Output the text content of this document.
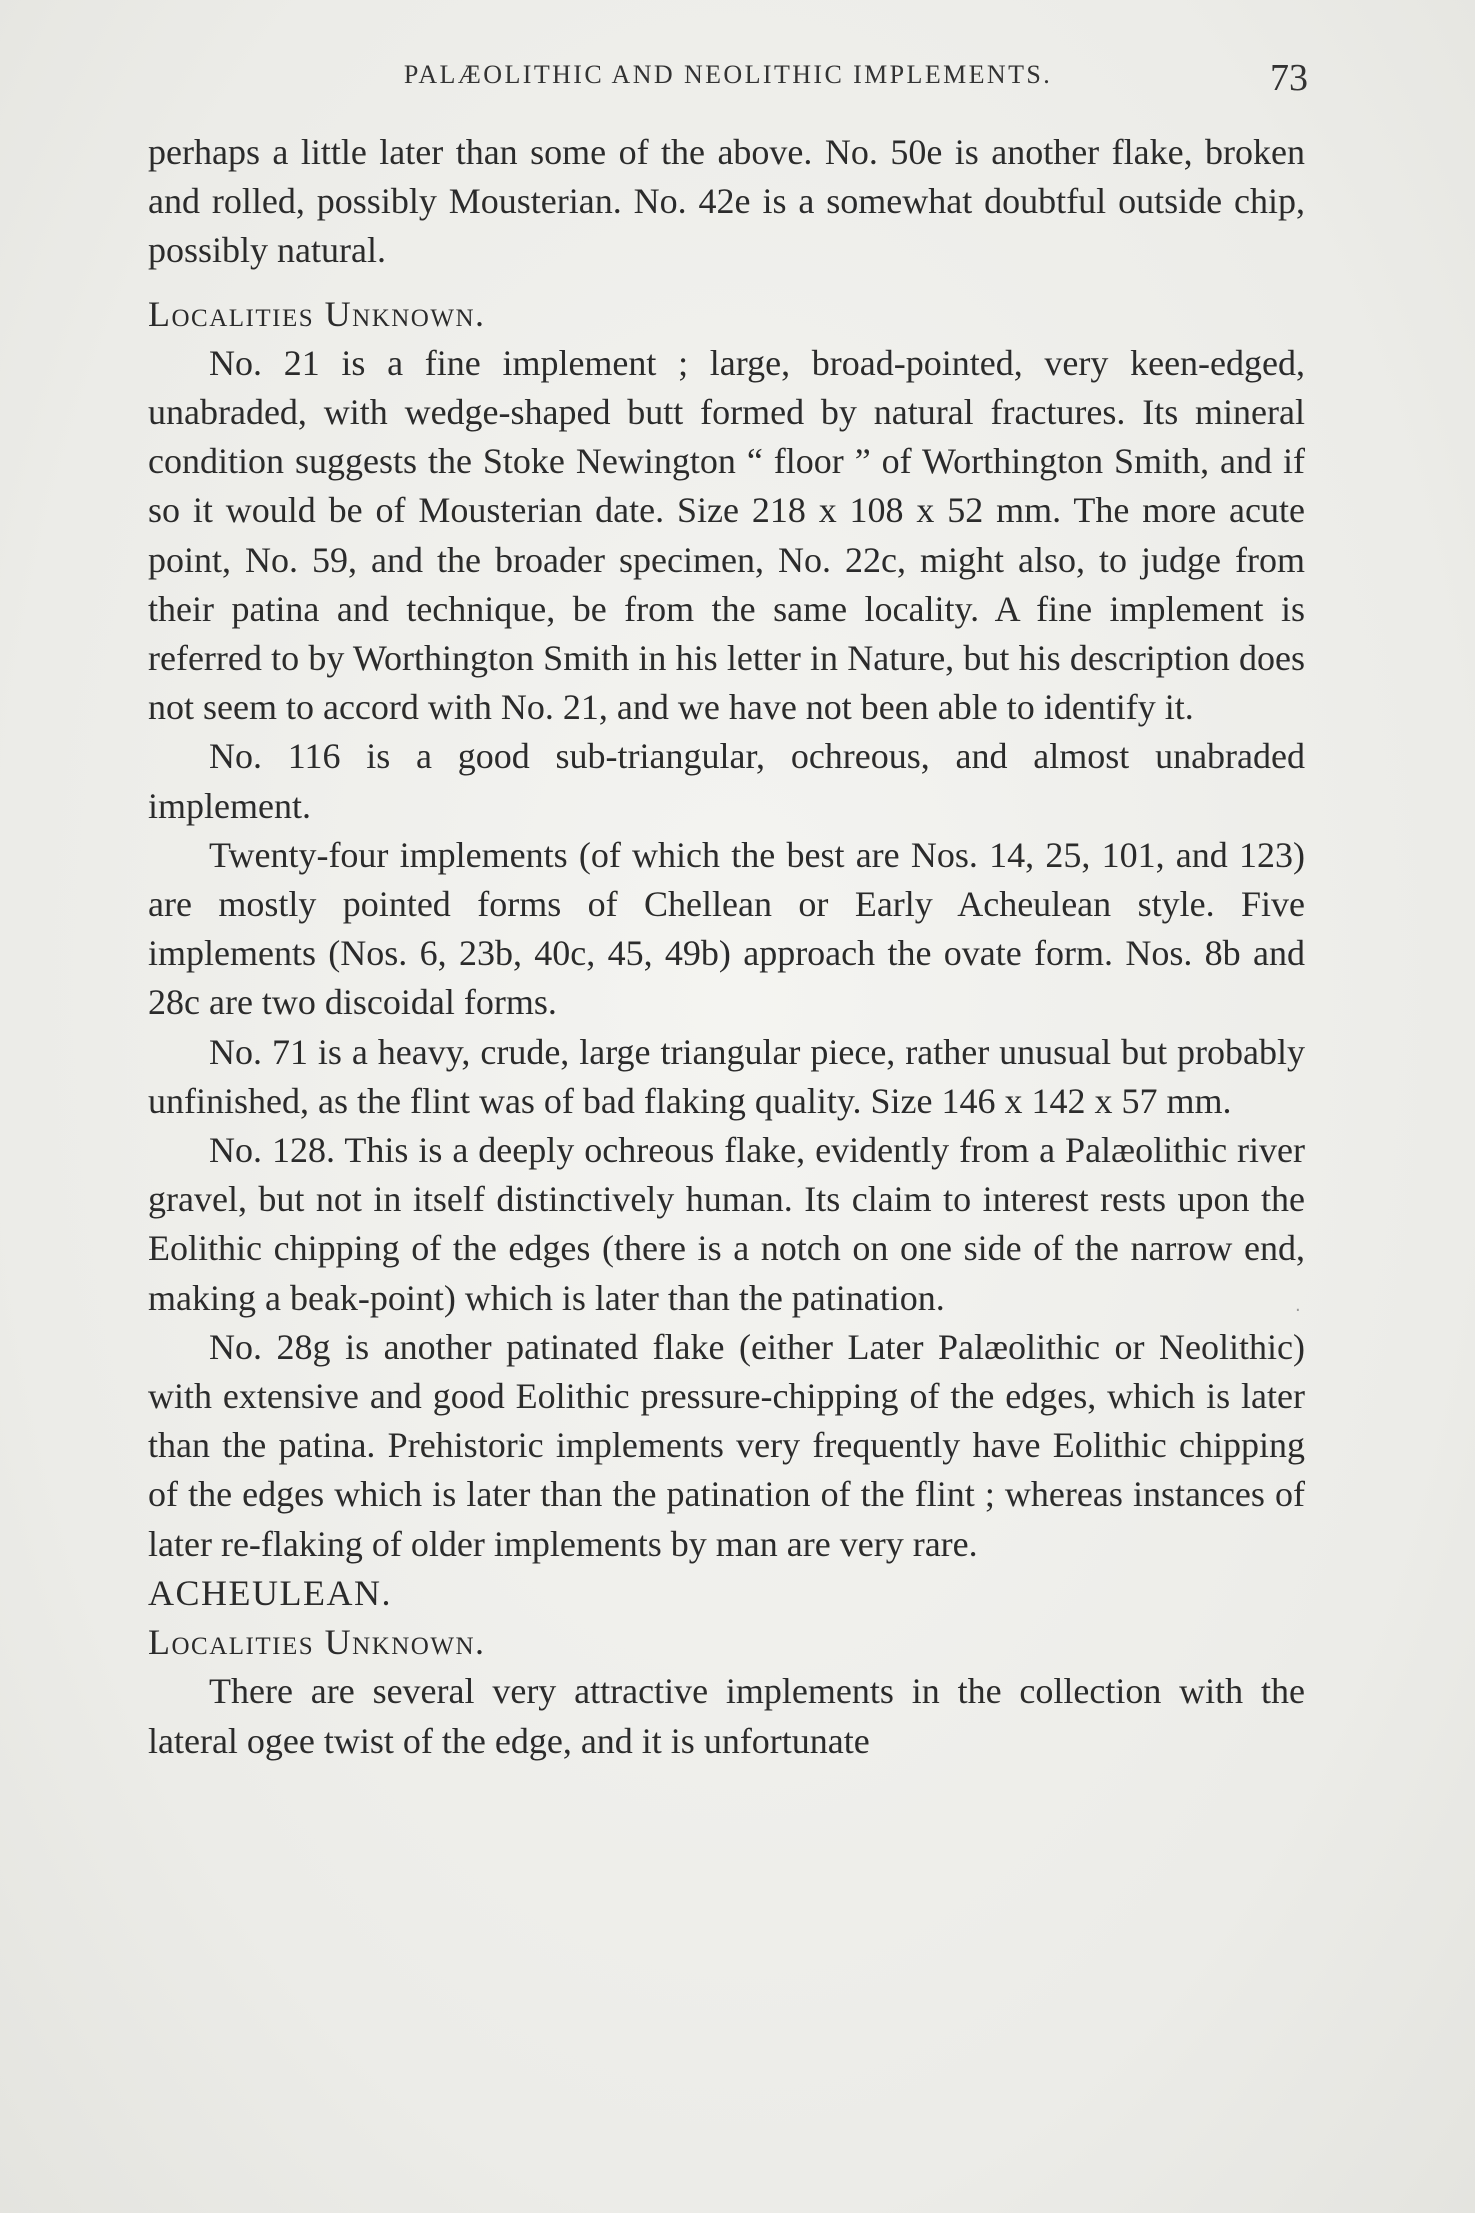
PALÆOLITHIC AND NEOLITHIC IMPLEMENTS.	73

perhaps a little later than some of the above. No. 50e is another flake, broken and rolled, possibly Mousterian. No. 42e is a somewhat doubtful outside chip, possibly natural.

Localities Unknown.

No. 21 is a fine implement ; large, broad-pointed, very keen-edged, unabraded, with wedge-shaped butt formed by natural fractures. Its mineral condition suggests the Stoke Newington “ floor ” of Worthington Smith, and if so it would be of Mousterian date. Size 218 x 108 x 52 mm. The more acute point, No. 59, and the broader specimen, No. 22c, might also, to judge from their patina and technique, be from the same locality. A fine implement is referred to by Worthington Smith in his letter in Nature, but his description does not seem to accord with No. 21, and we have not been able to identify it.

No. 116 is a good sub-triangular, ochreous, and almost unabraded implement.

Twenty-four implements (of which the best are Nos. 14, 25, 101, and 123) are mostly pointed forms of Chellean or Early Acheulean style. Five implements (Nos. 6, 23b, 40c, 45, 49b) approach the ovate form. Nos. 8b and 28c are two discoidal forms.

No. 71 is a heavy, crude, large triangular piece, rather unusual but probably unfinished, as the flint was of bad flaking quality. Size 146 x 142 x 57 mm.

No. 128. This is a deeply ochreous flake, evidently from a Palæolithic river gravel, but not in itself distinctively human. Its claim to interest rests upon the Eolithic chipping of the edges (there is a notch on one side of the narrow end, making a beak-point) which is later than the patination.

No. 28g is another patinated flake (either Later Palæolithic or Neolithic) with extensive and good Eolithic pressure-chipping of the edges, which is later than the patina. Prehistoric implements very frequently have Eolithic chipping of the edges which is later than the patination of the flint ; whereas instances of later re-flaking of older implements by man are very rare.

ACHEULEAN.

Localities Unknown.

There are several very attractive implements in the collection with the lateral ogee twist of the edge, and it is unfortunate

·
